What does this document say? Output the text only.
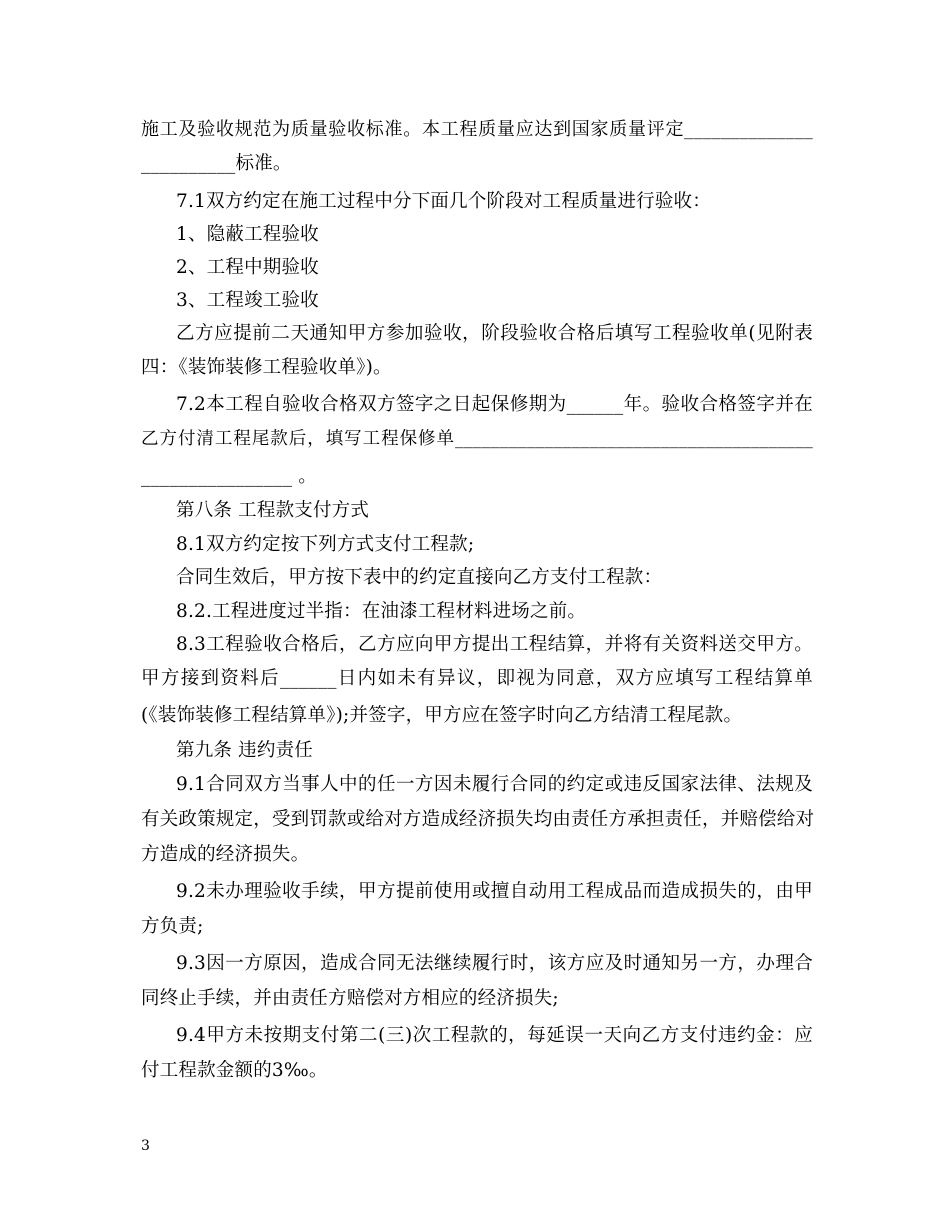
施工及验收规范为质量验收标准。本工程质量应达到国家质量评定______________
__________标准。
7.1双方约定在施工过程中分下面几个阶段对工程质量进行验收：
1、隐蔽工程验收
2、工程中期验收
3、工程竣工验收
乙方应提前二天通知甲方参加验收，阶段验收合格后填写工程验收单(见附表
四：《装饰装修工程验收单》)。
7.2本工程自验收合格双方签字之日起保修期为______年。验收合格签字并在
乙方付清工程尾款后，填写工程保修单________________________________________
________________ 。
第八条 工程款支付方式
8.1双方约定按下列方式支付工程款;
合同生效后，甲方按下表中的约定直接向乙方支付工程款：
8.2.工程进度过半指：在油漆工程材料进场之前。
8.3工程验收合格后，乙方应向甲方提出工程结算，并将有关资料送交甲方。
甲方接到资料后______日内如未有异议，即视为同意，双方应填写工程结算单
(《装饰装修工程结算单》);并签字，甲方应在签字时向乙方结清工程尾款。
第九条 违约责任
9.1合同双方当事人中的任一方因未履行合同的约定或违反国家法律、法规及
有关政策规定，受到罚款或给对方造成经济损失均由责任方承担责任，并赔偿给对
方造成的经济损失。
9.2未办理验收手续，甲方提前使用或擅自动用工程成品而造成损失的，由甲
方负责;
9.3因一方原因，造成合同无法继续履行时，该方应及时通知另一方，办理合
同终止手续，并由责任方赔偿对方相应的经济损失;
9.4甲方未按期支付第二(三)次工程款的，每延误一天向乙方支付违约金：应
付工程款金额的3‰。
3
